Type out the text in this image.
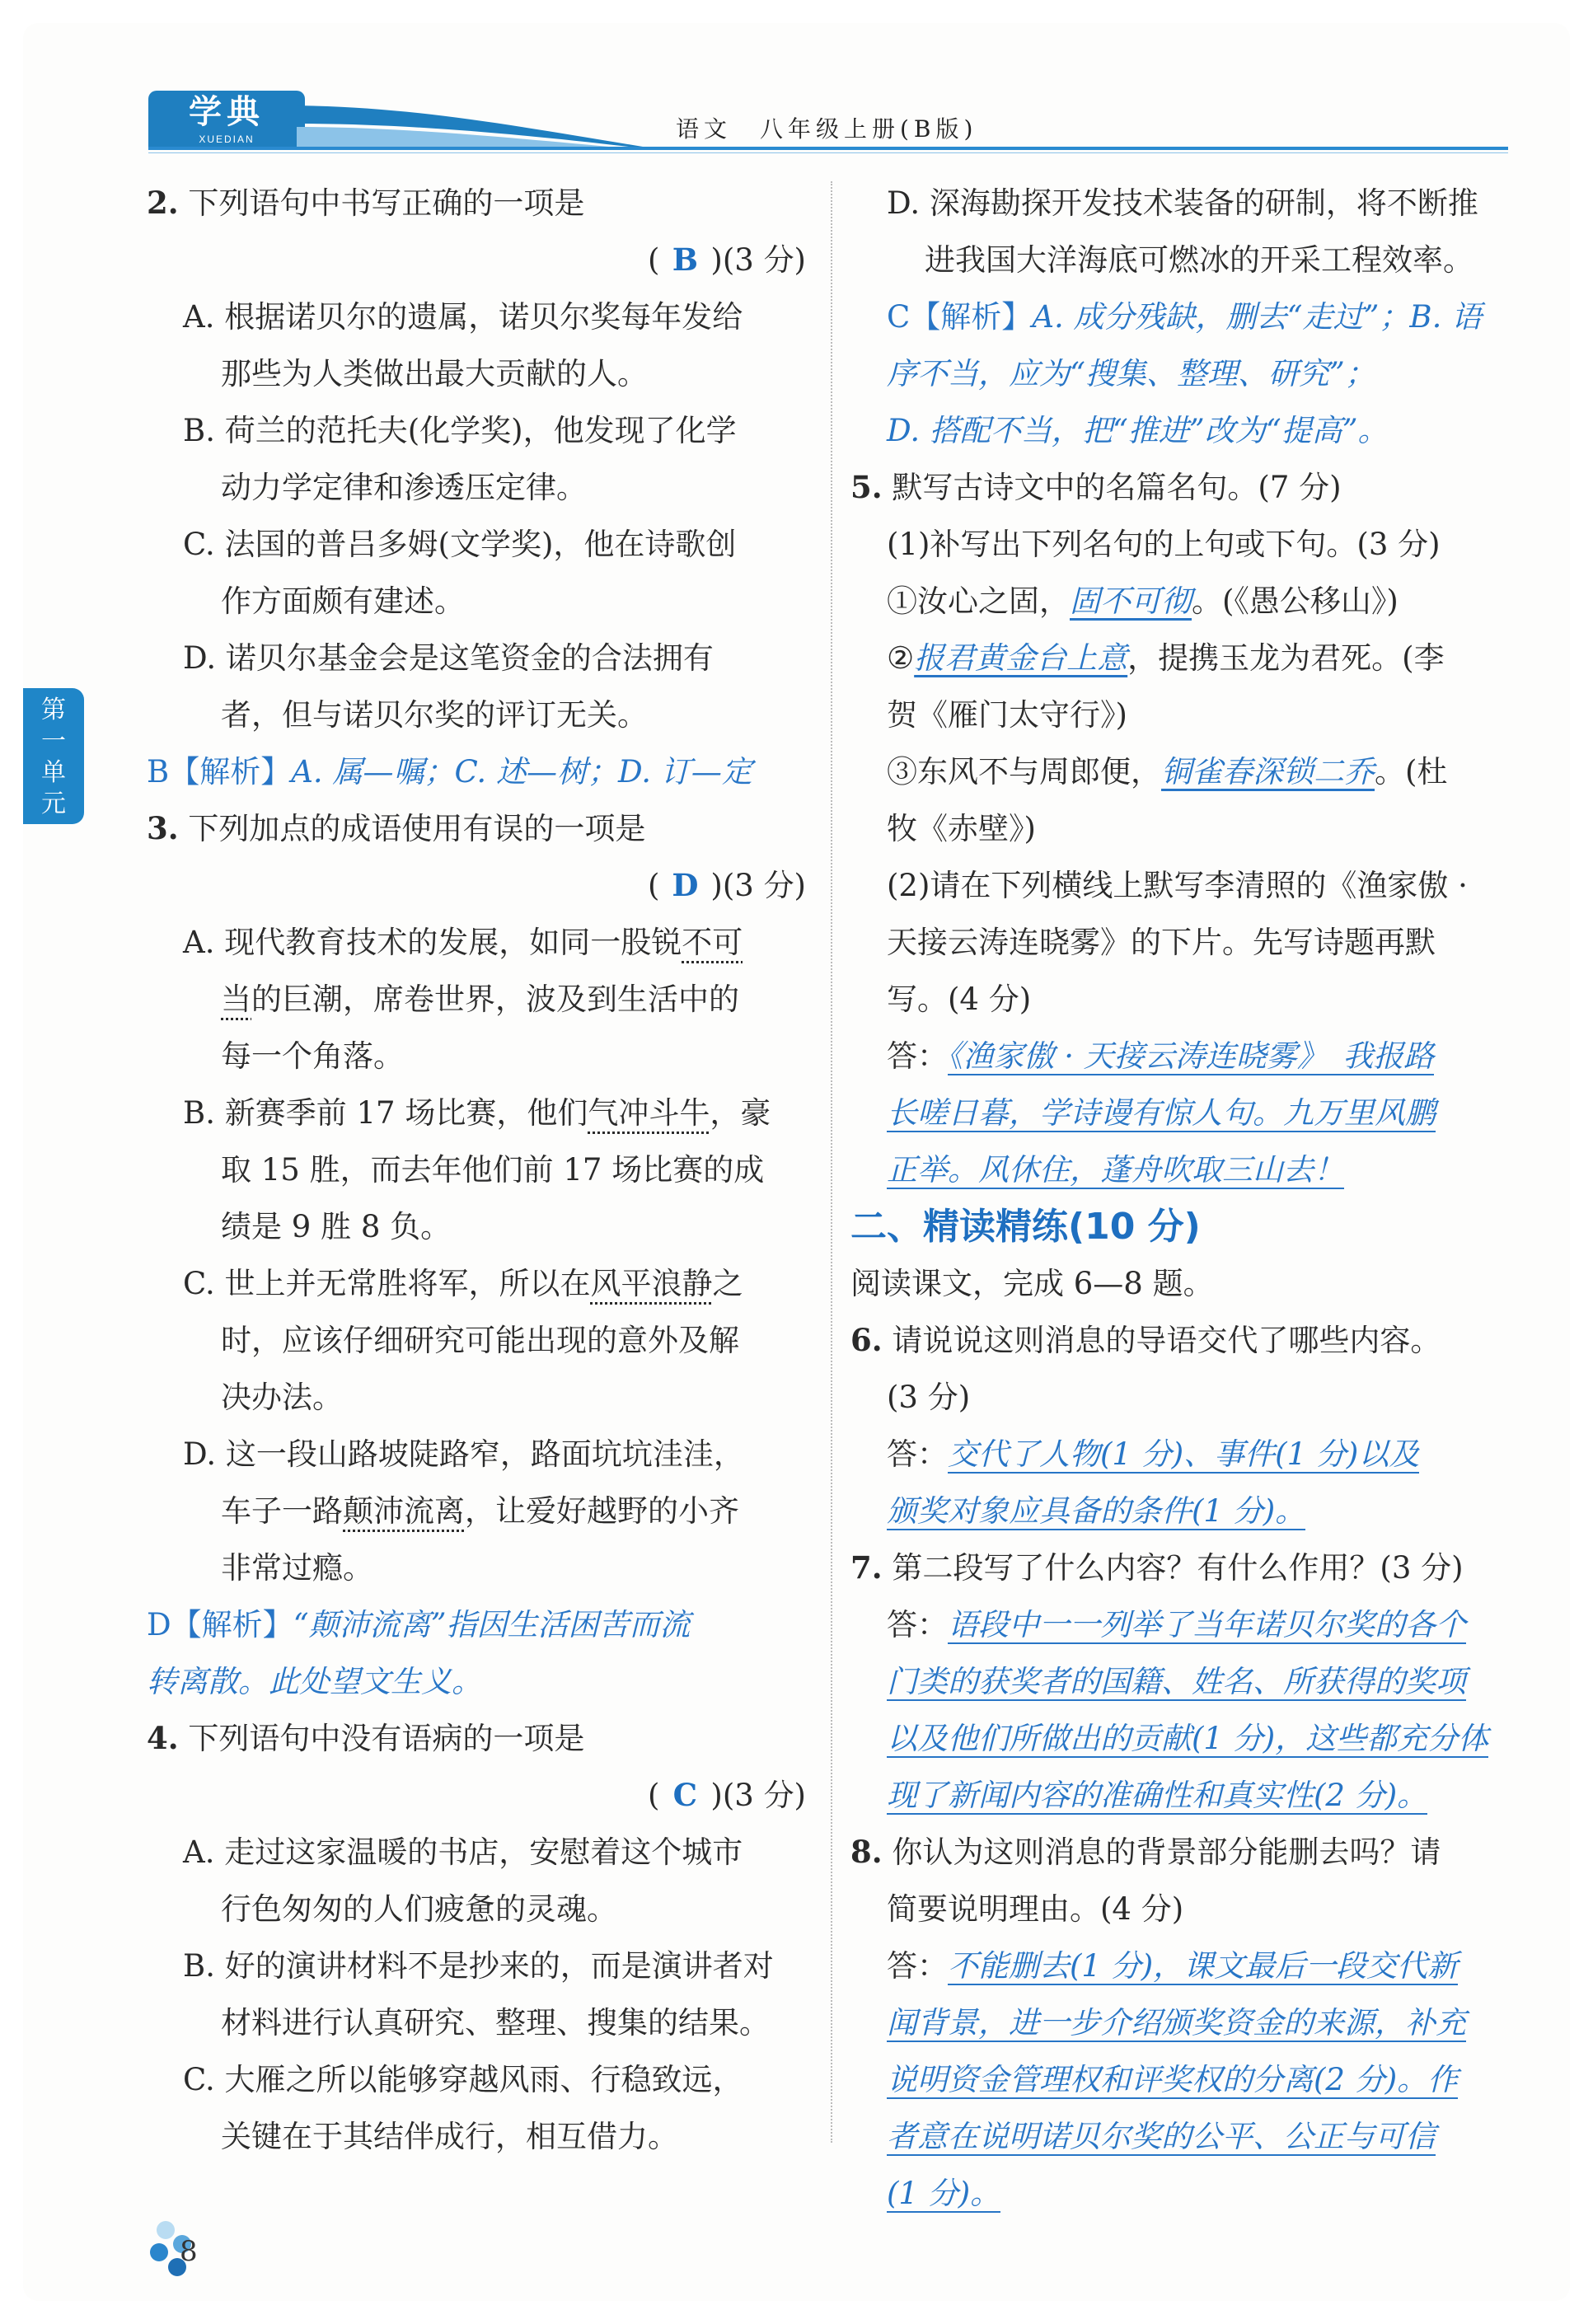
学典
XUEDIAN	语文　八年级上册(B版)
第
一
单
元
2. 下列语句中书写正确的一项是
( B )(3 分)
A. 根据诺贝尔的遗属，诺贝尔奖每年发给
那些为人类做出最大贡献的人。
B. 荷兰的范托夫(化学奖)，他发现了化学
动力学定律和渗透压定律。
C. 法国的普吕多姆(文学奖)，他在诗歌创
作方面颇有建述。
D. 诺贝尔基金会是这笔资金的合法拥有
者，但与诺贝尔奖的评订无关。
B【解析】A. 属—嘱；C. 述—树；D. 订—定
3. 下列加点的成语使用有误的一项是
( D )(3 分)
A. 现代教育技术的发展，如同一股锐不可
当的巨潮，席卷世界，波及到生活中的
每一个角落。
B. 新赛季前 17 场比赛，他们气冲斗牛，豪
取 15 胜，而去年他们前 17 场比赛的成
绩是 9 胜 8 负。
C. 世上并无常胜将军，所以在风平浪静之
时，应该仔细研究可能出现的意外及解
决办法。
D. 这一段山路坡陡路窄，路面坑坑洼洼，
车子一路颠沛流离，让爱好越野的小齐
非常过瘾。
D【解析】“颠沛流离”指因生活困苦而流
转离散。此处望文生义。
4. 下列语句中没有语病的一项是
( C )(3 分)
A. 走过这家温暖的书店，安慰着这个城市
行色匆匆的人们疲惫的灵魂。
B. 好的演讲材料不是抄来的，而是演讲者对
材料进行认真研究、整理、搜集的结果。
C. 大雁之所以能够穿越风雨、行稳致远，
关键在于其结伴成行，相互借力。
D. 深海勘探开发技术装备的研制，将不断推
进我国大洋海底可燃冰的开采工程效率。
C【解析】A. 成分残缺，删去“走过”；B. 语
序不当，应为“搜集、整理、研究”；
D. 搭配不当，把“推进”改为“提高”。
5. 默写古诗文中的名篇名句。(7 分)
(1)补写出下列名句的上句或下句。(3 分)
①汝心之固，固不可彻。(《愚公移山》)
②报君黄金台上意，提携玉龙为君死。(李
贺《雁门太守行》)
③东风不与周郎便，铜雀春深锁二乔。(杜
牧《赤壁》)
(2)请在下列横线上默写李清照的《渔家傲 ·
天接云涛连晓雾》的下片。先写诗题再默
写。(4 分)
答：《渔家傲 · 天接云涛连晓雾》　我报路
长嗟日暮，学诗谩有惊人句。九万里风鹏
正举。风休住，蓬舟吹取三山去！
二、精读精练(10 分)
阅读课文，完成 6—8 题。
6. 请说说这则消息的导语交代了哪些内容。
(3 分)
答：交代了人物(1 分)、事件(1 分)以及
颁奖对象应具备的条件(1 分)。
7. 第二段写了什么内容？有什么作用？(3 分)
答：语段中一一列举了当年诺贝尔奖的各个
门类的获奖者的国籍、姓名、所获得的奖项
以及他们所做出的贡献(1 分)，这些都充分体
现了新闻内容的准确性和真实性(2 分)。
8. 你认为这则消息的背景部分能删去吗？请
简要说明理由。(4 分)
答：不能删去(1 分)，课文最后一段交代新
闻背景，进一步介绍颁奖资金的来源，补充
说明资金管理权和评奖权的分离(2 分)。作
者意在说明诺贝尔奖的公平、公正与可信
(1 分)。
8
